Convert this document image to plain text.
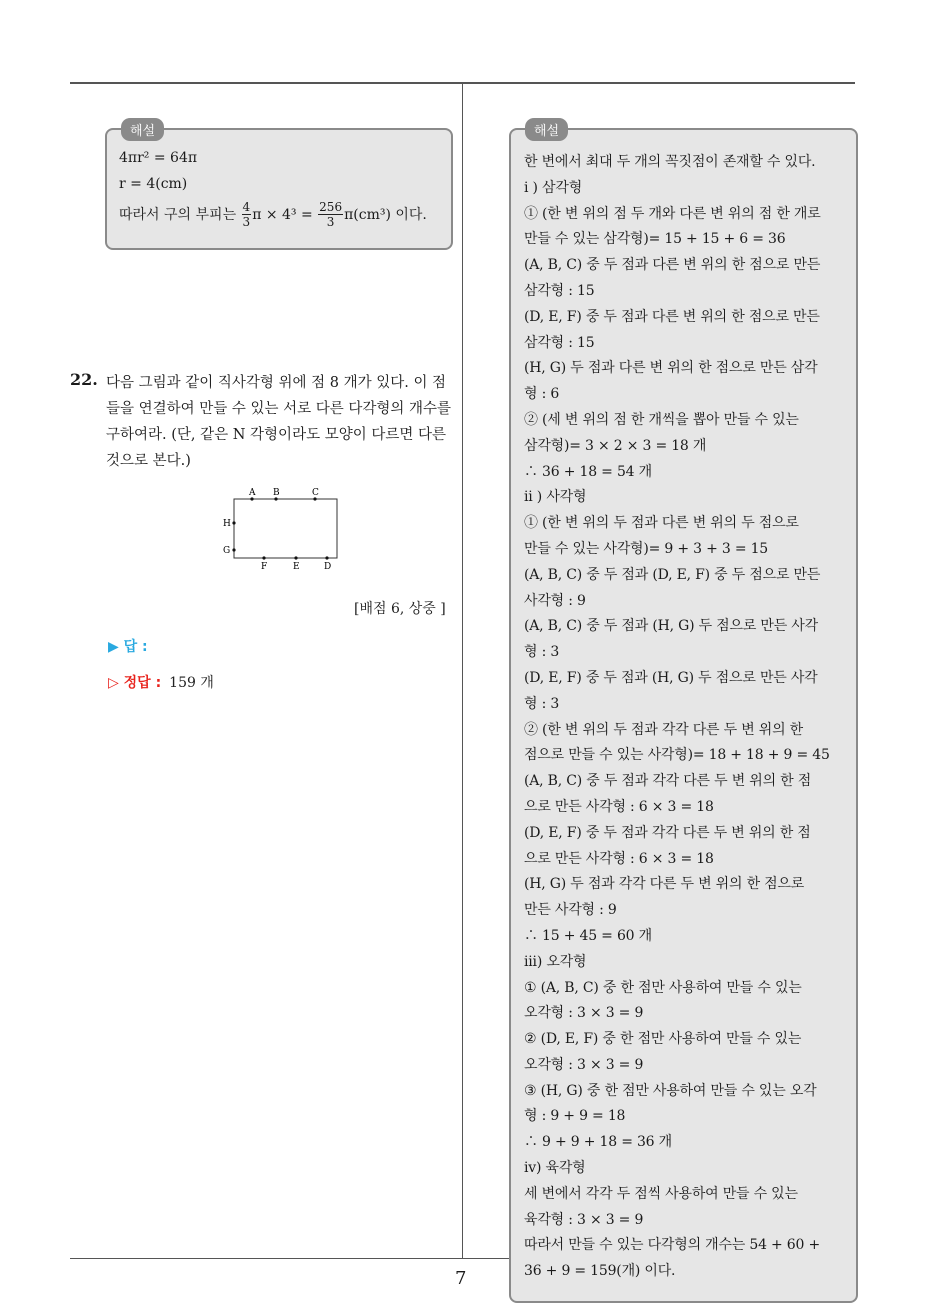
해설
4πr² = 64π
r = 4(cm)
따라서 구의 부피는 $\frac{4}{3}$ $\pi \times 4^3 = \frac{256}{3} \pi(cm^3)$ 이다.
22. 다음 그림과 같이 직사각형 위에 점 8 개가 있다. 이 점들을 연결하여 만들 수 있는 서로 다른 다각형의 개수를 구하여라. (단, 같은 N 각형이라도 모양이 다르면 다른 것으로 본다.)
A B	C
D
E
F
G
H
[배점 6, 상중 ]
▶ 답 :
▷ 정답 : 159 개
해설
한 변에서 최대 두 개의 꼭짓점이 존재할 수 있다.
i ) 삼각형
① (한 변 위의 점 두 개와 다른 변 위의 점 한 개로
만들 수 있는 삼각형)= 15 + 15 + 6 = 36
(A, B, C) 중 두 점과 다른 변 위의 한 점으로 만든
삼각형 : 15
(D, E, F) 중 두 점과 다른 변 위의 한 점으로 만든
삼각형 : 15
(H, G) 두 점과 다른 변 위의 한 점으로 만든 삼각
형 : 6
② (세 변 위의 점 한 개씩을 뽑아 만들 수 있는
삼각형)= 3 × 2 × 3 = 18 개
∴ 36 + 18 = 54 개
ii ) 사각형
① (한 변 위의 두 점과 다른 변 위의 두 점으로
만들 수 있는 사각형)= 9 + 3 + 3 = 15
(A, B, C) 중 두 점과 (D, E, F) 중 두 점으로 만든
사각형 : 9
(A, B, C) 중 두 점과 (H, G) 두 점으로 만든 사각
형 : 3
(D, E, F) 중 두 점과 (H, G) 두 점으로 만든 사각
형 : 3
② (한 변 위의 두 점과 각각 다른 두 변 위의 한
점으로 만들 수 있는 사각형)= 18 + 18 + 9 = 45
(A, B, C) 중 두 점과 각각 다른 두 변 위의 한 점
으로 만든 사각형 : 6 × 3 = 18
(D, E, F) 중 두 점과 각각 다른 두 변 위의 한 점
으로 만든 사각형 : 6 × 3 = 18
(H, G) 두 점과 각각 다른 두 변 위의 한 점으로
만든 사각형 : 9
∴ 15 + 45 = 60 개
iii) 오각형
① (A, B, C) 중 한 점만 사용하여 만들 수 있는
오각형 : 3 × 3 = 9
② (D, E, F) 중 한 점만 사용하여 만들 수 있는
오각형 : 3 × 3 = 9
③ (H, G) 중 한 점만 사용하여 만들 수 있는 오각
형 : 9 + 9 = 18
∴ 9 + 9 + 18 = 36 개
iv) 육각형
세 변에서 각각 두 점씩 사용하여 만들 수 있는
육각형 : 3 × 3 = 9
따라서 만들 수 있는 다각형의 개수는 54 + 60 +
36 + 9 = 159(개) 이다.
7
